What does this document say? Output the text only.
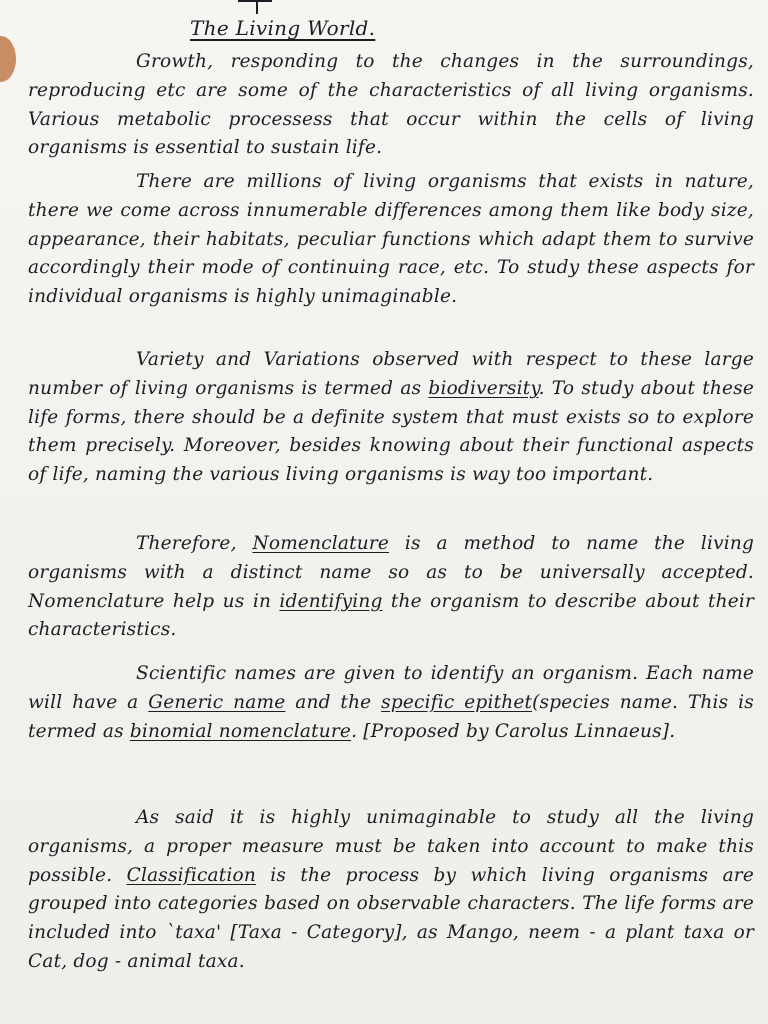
The Living World.

Growth, responding to the changes in the surroundings, reproducing etc are some of the characteristics of all living organisms. Various metabolic processess that occur within the cells of living organisms is essential to sustain life.

There are millions of living organisms that exists in nature, there we come across innumerable differences among them like body size, appearance, their habitats, peculiar functions which adapt them to survive accordingly their mode of continuing race, etc. To study these aspects for individual organisms is highly unimaginable.

Variety and Variations observed with respect to these large number of living organisms is termed as biodiversity. To study about these life forms, there should be a definite system that must exists so to explore them precisely. Moreover, besides knowing about their functional aspects of life, naming the various living organisms is way too important.

Therefore, Nomenclature is a method to name the living organisms with a distinct name so as to be universally accepted. Nomenclature help us in identifying the organism to describe about their characteristics.

Scientific names are given to identify an organism. Each name will have a Generic name and the specific epithet(species name. This is termed as binomial nomenclature. [Proposed by Carolus Linnaeus].

As said it is highly unimaginable to study all the living organisms, a proper measure must be taken into account to make this possible. Classification is the process by which living organisms are grouped into categories based on observable characters. The life forms are included into `taxa' [Taxa - Category], as Mango, neem - a plant taxa or Cat, dog - animal taxa.
